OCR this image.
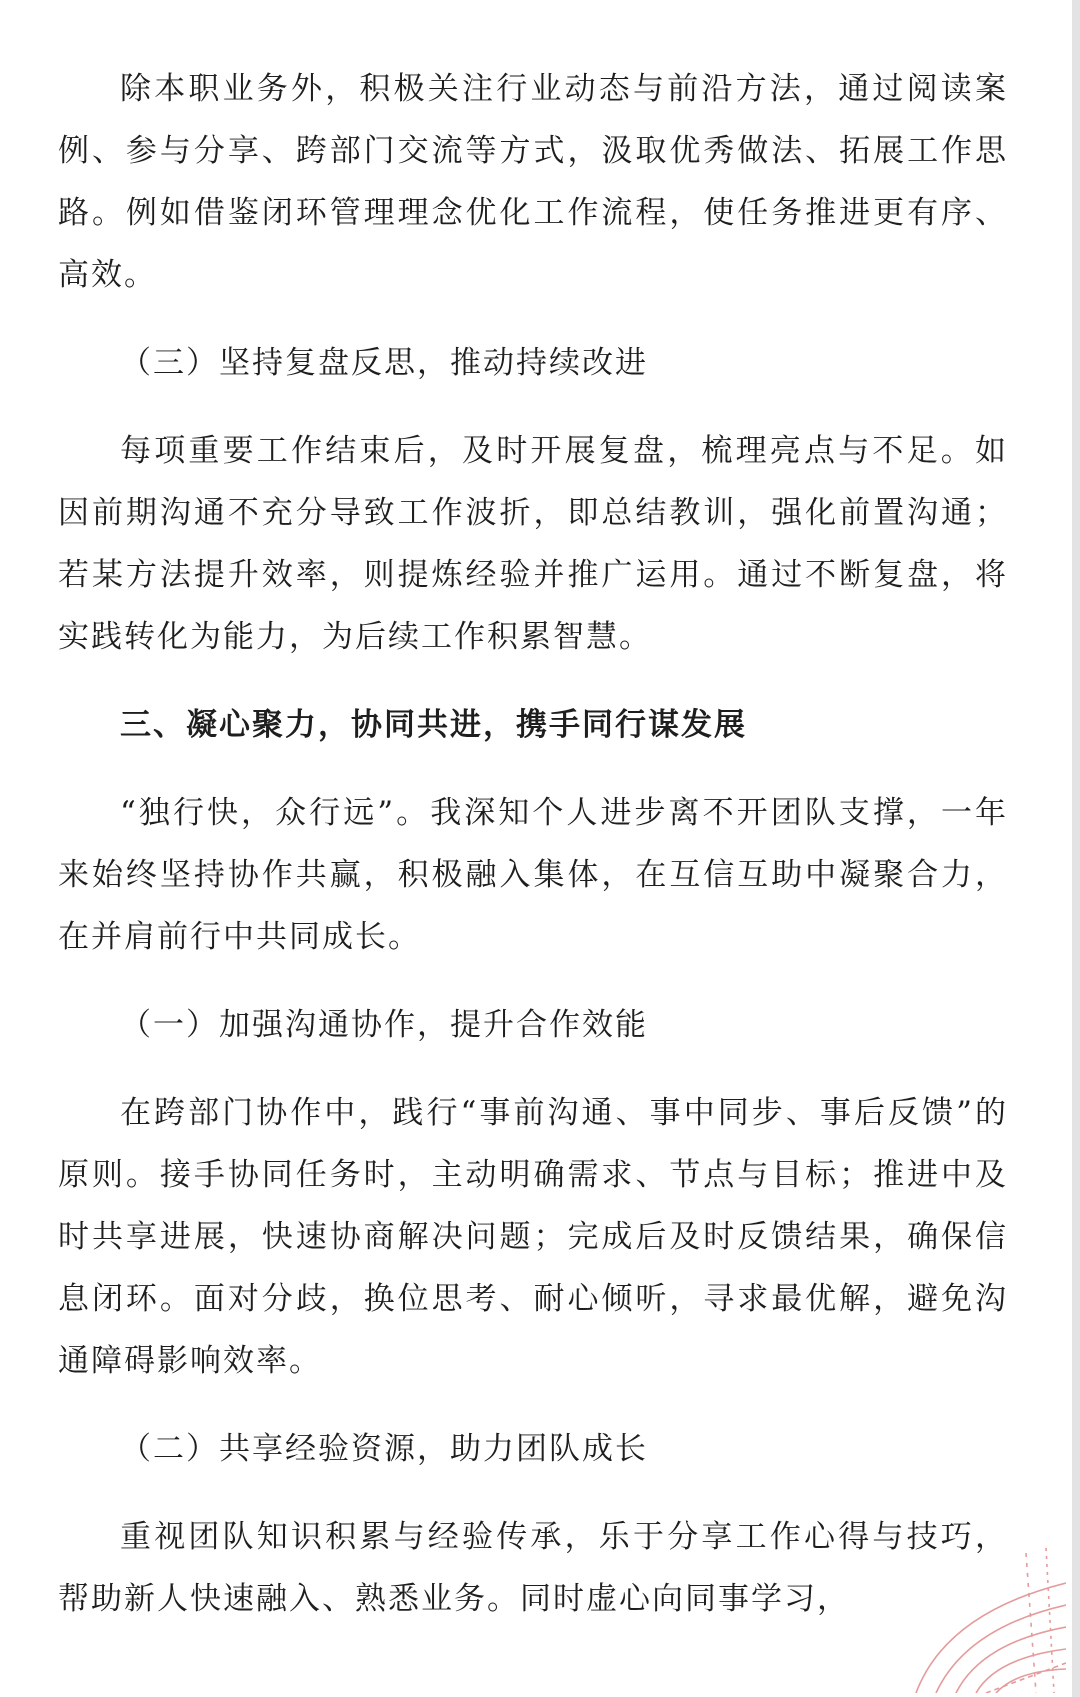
除本职业务外，积极关注行业动态与前沿方法，通过阅读案例、参与分享、跨部门交流等方式，汲取优秀做法、拓展工作思路。例如借鉴闭环管理理念优化工作流程，使任务推进更有序、高效。

（三）坚持复盘反思，推动持续改进

每项重要工作结束后，及时开展复盘，梳理亮点与不足。如因前期沟通不充分导致工作波折，即总结教训，强化前置沟通；若某方法提升效率，则提炼经验并推广运用。通过不断复盘，将实践转化为能力，为后续工作积累智慧。

三、凝心聚力，协同共进，携手同行谋发展

“独行快，众行远”。我深知个人进步离不开团队支撑，一年来始终坚持协作共赢，积极融入集体，在互信互助中凝聚合力，在并肩前行中共同成长。

（一）加强沟通协作，提升合作效能

在跨部门协作中，践行“事前沟通、事中同步、事后反馈”的原则。接手协同任务时，主动明确需求、节点与目标；推进中及时共享进展，快速协商解决问题；完成后及时反馈结果，确保信息闭环。面对分歧，换位思考、耐心倾听，寻求最优解，避免沟通障碍影响效率。

（二）共享经验资源，助力团队成长

重视团队知识积累与经验传承，乐于分享工作心得与技巧，帮助新人快速融入、熟悉业务。同时虚心向同事学习，
